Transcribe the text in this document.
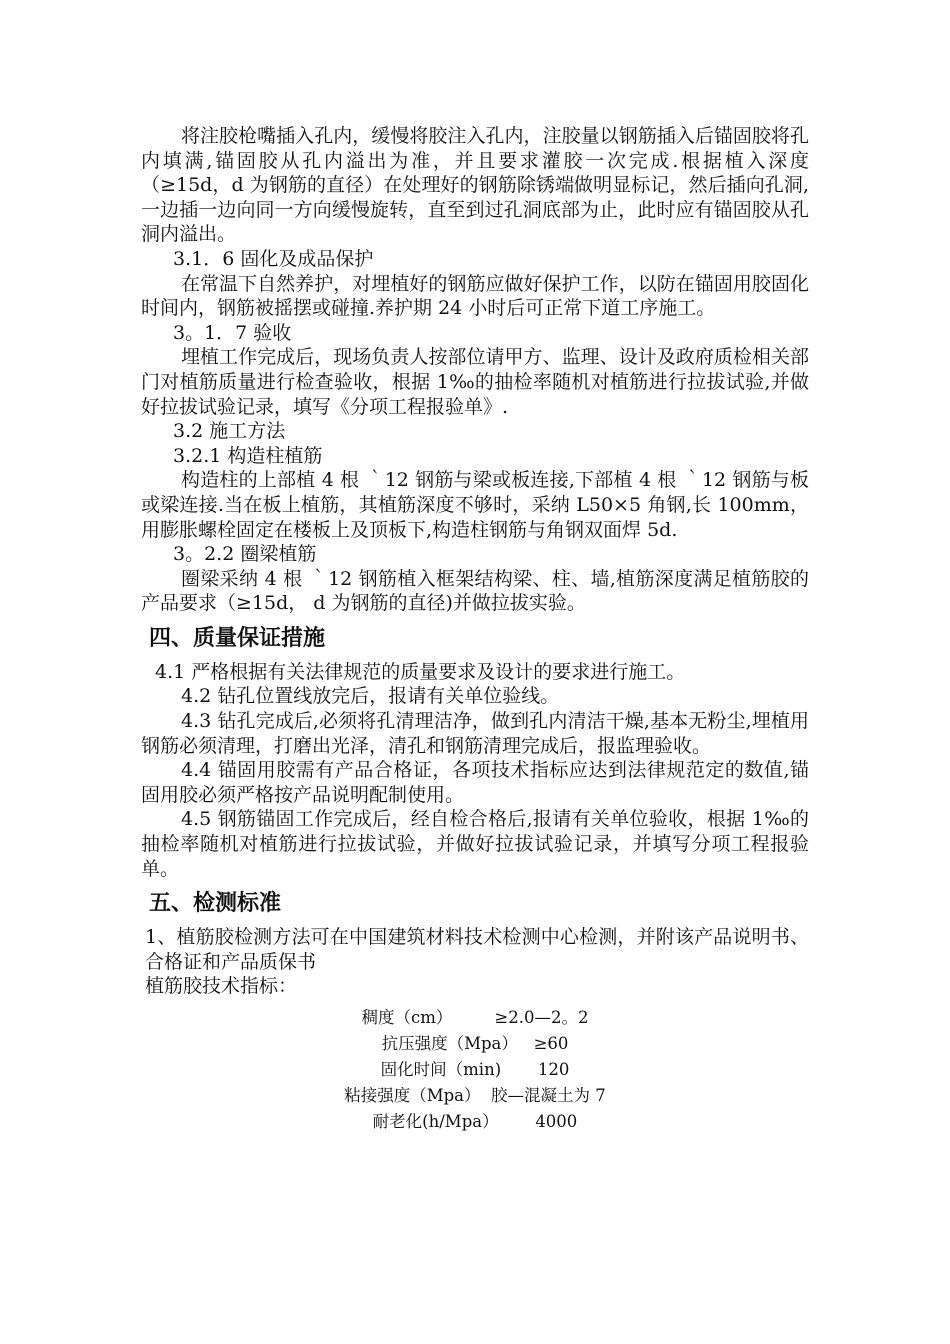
将注胶枪嘴插入孔内，缓慢将胶注入孔内，注胶量以钢筋插入后锚固胶将孔内填满,锚固胶从孔内溢出为准，并且要求灌胶一次完成.根据植入深度（≥15d，d 为钢筋的直径）在处理好的钢筋除锈端做明显标记，然后插向孔洞,一边插一边向同一方向缓慢旋转，直至到过孔洞底部为止，此时应有锚固胶从孔洞内溢出。

3.1．6 固化及成品保护

在常温下自然养护，对埋植好的钢筋应做好保护工作，以防在锚固用胶固化时间内，钢筋被摇摆或碰撞.养护期 24 小时后可正常下道工序施工。

3。1．7 验收

埋植工作完成后，现场负责人按部位请甲方、监理、设计及政府质检相关部门对植筋质量进行检查验收，根据 1‰的抽检率随机对植筋进行拉拔试验,并做好拉拔试验记录，填写《分项工程报验单》.

3.2 施工方法

3.2.1 构造柱植筋

构造柱的上部植 4 根 ｀12 钢筋与梁或板连接,下部植 4 根 ｀12 钢筋与板或梁连接.当在板上植筋，其植筋深度不够时，采纳 L50×5 角钢,长 100mm，用膨胀螺栓固定在楼板上及顶板下,构造柱钢筋与角钢双面焊 5d.

3。2.2 圈梁植筋

圈梁采纳 4 根 ｀12 钢筋植入框架结构梁、柱、墙,植筋深度满足植筋胶的产品要求（≥15d， d 为钢筋的直径)并做拉拔实验。

四、质量保证措施

4.1 严格根据有关法律规范的质量要求及设计的要求进行施工。

4.2 钻孔位置线放完后，报请有关单位验线。

4.3 钻孔完成后,必须将孔清理洁净，做到孔内清洁干燥,基本无粉尘,埋植用钢筋必须清理，打磨出光泽，清孔和钢筋清理完成后，报监理验收。

4.4 锚固用胶需有产品合格证，各项技术指标应达到法律规范定的数值,锚固用胶必须严格按产品说明配制使用。

4.5 钢筋锚固工作完成后，经自检合格后,报请有关单位验收，根据 1‰的抽检率随机对植筋进行拉拔试验，并做好拉拔试验记录，并填写分项工程报验单。

五、检测标准

1、植筋胶检测方法可在中国建筑材料技术检测中心检测，并附该产品说明书、合格证和产品质保书

植筋胶技术指标：

稠度（cm）	≥2.0—2。2
抗压强度（Mpa） ≥60
固化时间（min) 120
粘接强度（Mpa） 胶—混凝土为 7
耐老化(h/Mpa） 4000
